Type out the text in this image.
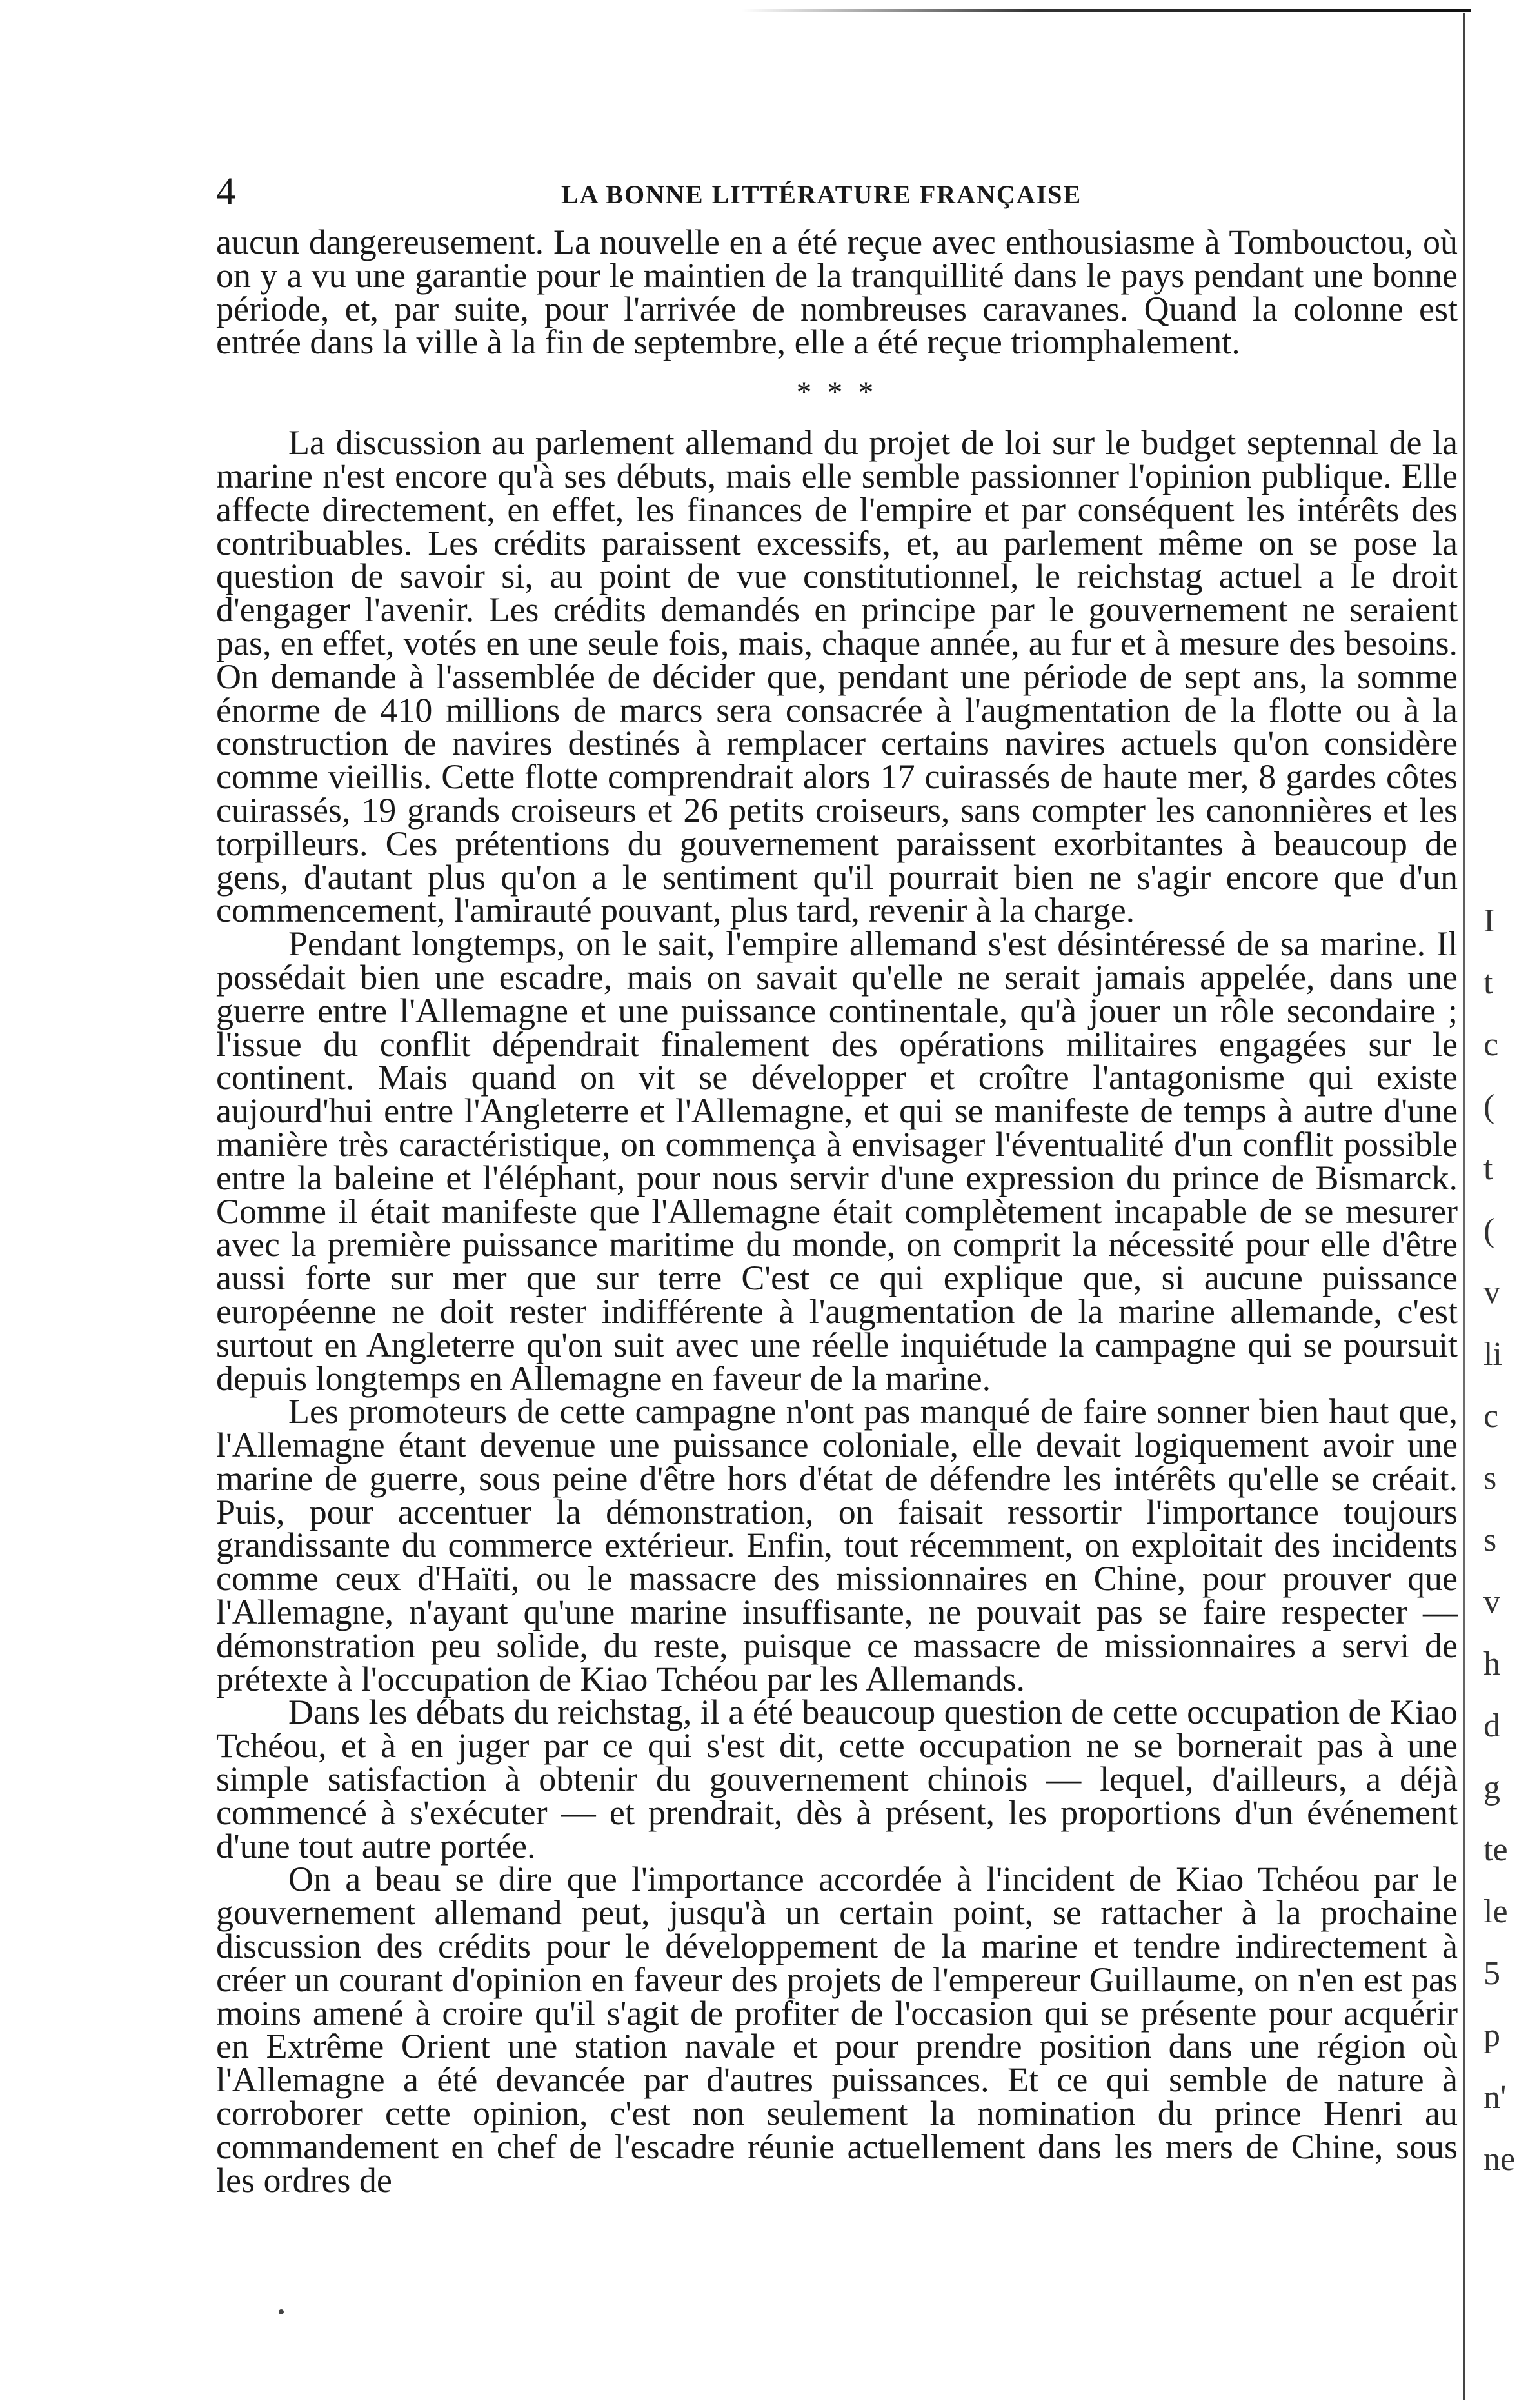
4	LA BONNE LITTÉRATURE FRANÇAISE

aucun dangereusement. La nouvelle en a été reçue avec enthousiasme à Tombouctou, où on y a vu une garantie pour le maintien de la tranquillité dans le pays pendant une bonne période, et, par suite, pour l'arrivée de nombreuses caravanes. Quand la colonne est entrée dans la ville à la fin de septembre, elle a été reçue triomphalement.

* * *

La discussion au parlement allemand du projet de loi sur le budget septennal de la marine n'est encore qu'à ses débuts, mais elle semble passionner l'opinion publique. Elle affecte directement, en effet, les finances de l'empire et par conséquent les intérêts des contribuables. Les crédits paraissent excessifs, et, au parlement même on se pose la question de savoir si, au point de vue constitutionnel, le reichstag actuel a le droit d'engager l'avenir. Les crédits demandés en principe par le gouvernement ne seraient pas, en effet, votés en une seule fois, mais, chaque année, au fur et à mesure des besoins. On demande à l'assemblée de décider que, pendant une période de sept ans, la somme énorme de 410 millions de marcs sera consacrée à l'augmentation de la flotte ou à la construction de navires destinés à remplacer certains navires actuels qu'on considère comme vieillis. Cette flotte comprendrait alors 17 cuirassés de haute mer, 8 gardes côtes cuirassés, 19 grands croiseurs et 26 petits croiseurs, sans compter les canonnières et les torpilleurs. Ces prétentions du gouvernement paraissent exorbitantes à beaucoup de gens, d'autant plus qu'on a le sentiment qu'il pourrait bien ne s'agir encore que d'un commencement, l'amirauté pouvant, plus tard, revenir à la charge.

Pendant longtemps, on le sait, l'empire allemand s'est désintéressé de sa marine. Il possédait bien une escadre, mais on savait qu'elle ne serait jamais appelée, dans une guerre entre l'Allemagne et une puissance continentale, qu'à jouer un rôle secondaire ; l'issue du conflit dépendrait finalement des opérations militaires engagées sur le continent. Mais quand on vit se développer et croître l'antagonisme qui existe aujourd'hui entre l'Angleterre et l'Allemagne, et qui se manifeste de temps à autre d'une manière très caractéristique, on commença à envisager l'éventualité d'un conflit possible entre la baleine et l'éléphant, pour nous servir d'une expression du prince de Bismarck. Comme il était manifeste que l'Allemagne était complètement incapable de se mesurer avec la première puissance maritime du monde, on comprit la nécessité pour elle d'être aussi forte sur mer que sur terre C'est ce qui explique que, si aucune puissance européenne ne doit rester indifférente à l'augmentation de la marine allemande, c'est surtout en Angleterre qu'on suit avec une réelle inquiétude la campagne qui se poursuit depuis longtemps en Allemagne en faveur de la marine.

Les promoteurs de cette campagne n'ont pas manqué de faire sonner bien haut que, l'Allemagne étant devenue une puissance coloniale, elle devait logiquement avoir une marine de guerre, sous peine d'être hors d'état de défendre les intérêts qu'elle se créait. Puis, pour accentuer la démonstration, on faisait ressortir l'importance toujours grandissante du commerce extérieur. Enfin, tout récemment, on exploitait des incidents comme ceux d'Haïti, ou le massacre des missionnaires en Chine, pour prouver que l'Allemagne, n'ayant qu'une marine insuffisante, ne pouvait pas se faire respecter — démonstration peu solide, du reste, puisque ce massacre de missionnaires a servi de prétexte à l'occupation de Kiao Tchéou par les Allemands.

Dans les débats du reichstag, il a été beaucoup question de cette occupation de Kiao Tchéou, et à en juger par ce qui s'est dit, cette occupation ne se bornerait pas à une simple satisfaction à obtenir du gouvernement chinois — lequel, d'ailleurs, a déjà commencé à s'exécuter — et prendrait, dès à présent, les proportions d'un événement d'une tout autre portée.

On a beau se dire que l'importance accordée à l'incident de Kiao Tchéou par le gouvernement allemand peut, jusqu'à un certain point, se rattacher à la prochaine discussion des crédits pour le développement de la marine et tendre indirectement à créer un courant d'opinion en faveur des projets de l'empereur Guillaume, on n'en est pas moins amené à croire qu'il s'agit de profiter de l'occasion qui se présente pour acquérir en Extrême Orient une station navale et pour prendre position dans une région où l'Allemagne a été devancée par d'autres puissances. Et ce qui semble de nature à corroborer cette opinion, c'est non seulement la nomination du prince Henri au commandement en chef de l'escadre réunie actuellement dans les mers de Chine, sous les ordres de

I
t
c
(
t
(
v
li
c
s
s
v
h
d
g
te
le
5
p
n'
ne
